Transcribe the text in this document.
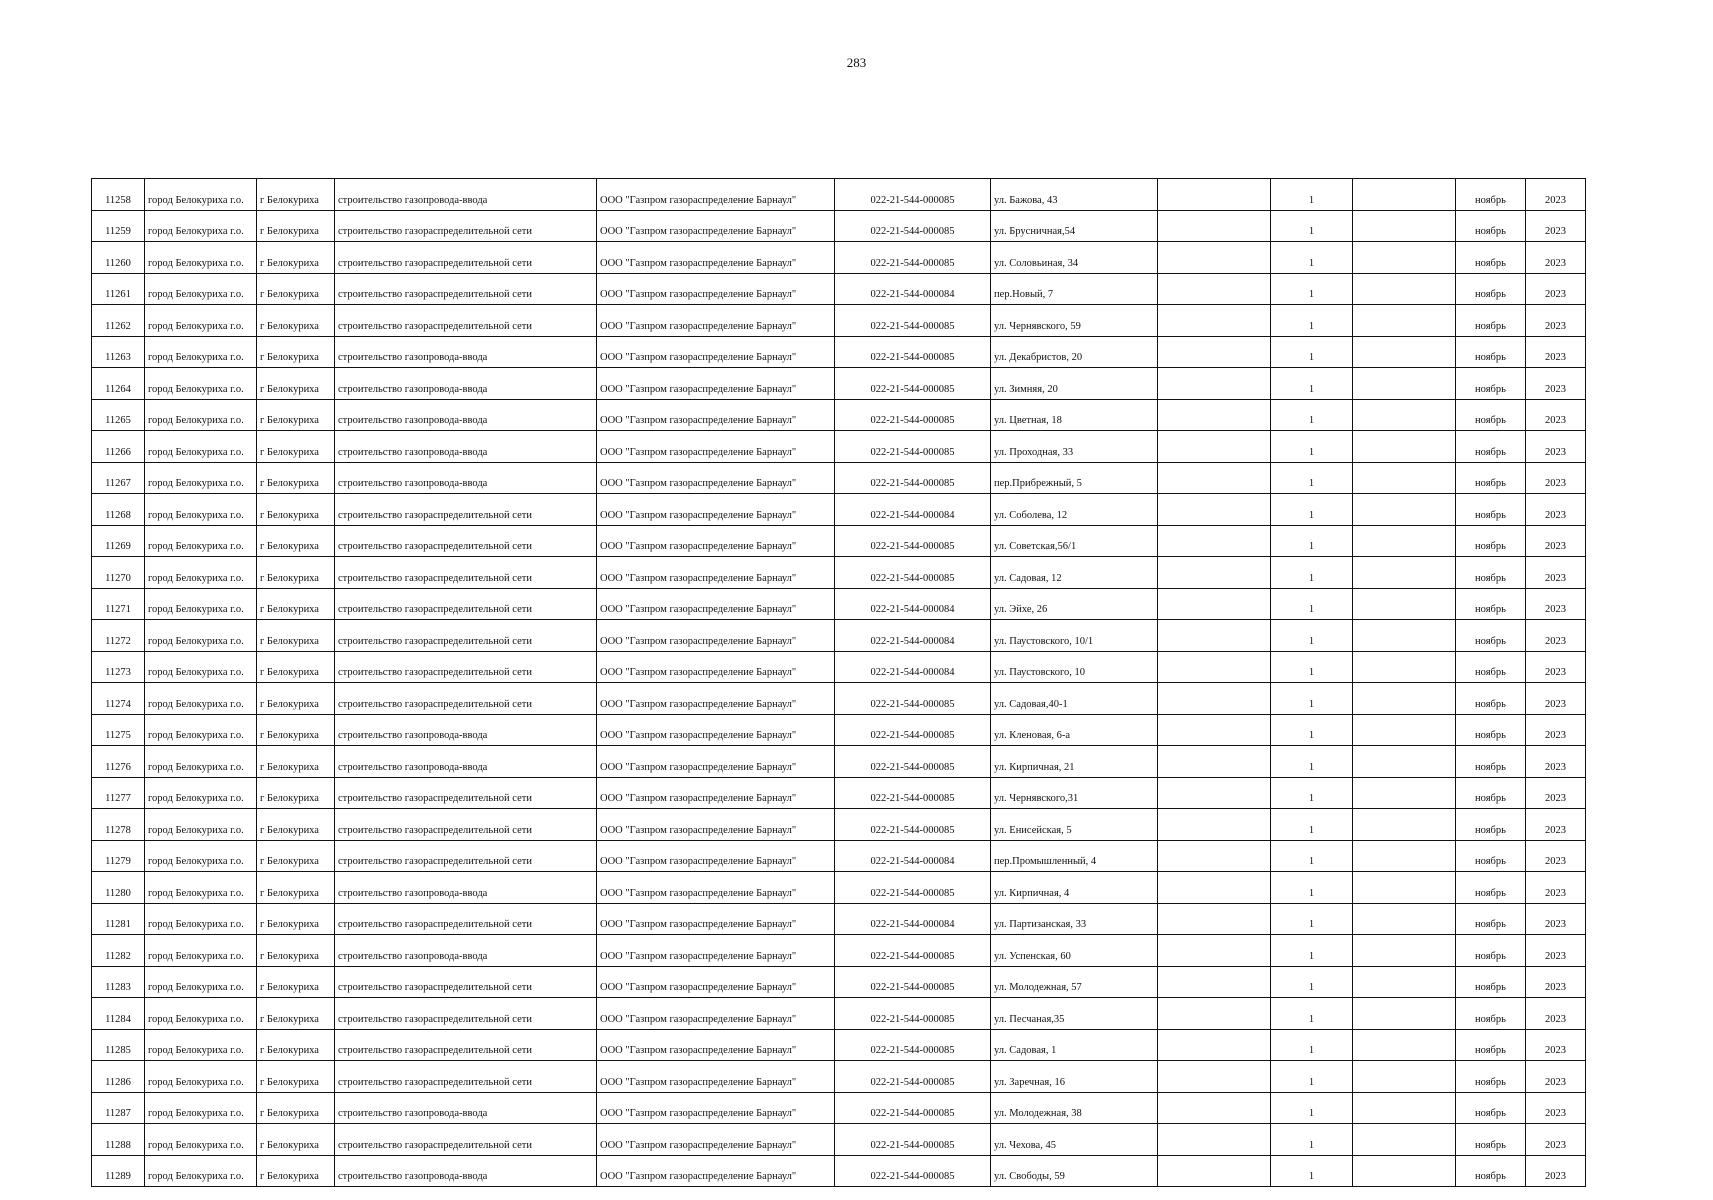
283
11258	город Белокуриха г.о.	г Белокуриха	строительство газопровода-ввода	ООО "Газпром газораспределение Барнаул"	022-21-544-000085	ул. Бажова, 43		1		ноябрь	2023
11259	город Белокуриха г.о.	г Белокуриха	строительство газораспределительной сети	ООО "Газпром газораспределение Барнаул"	022-21-544-000085	ул. Брусничная,54		1		ноябрь	2023
11260	город Белокуриха г.о.	г Белокуриха	строительство газораспределительной сети	ООО "Газпром газораспределение Барнаул"	022-21-544-000085	ул. Соловьиная, 34		1		ноябрь	2023
11261	город Белокуриха г.о.	г Белокуриха	строительство газораспределительной сети	ООО "Газпром газораспределение Барнаул"	022-21-544-000084	пер.Новый, 7		1		ноябрь	2023
11262	город Белокуриха г.о.	г Белокуриха	строительство газораспределительной сети	ООО "Газпром газораспределение Барнаул"	022-21-544-000085	ул. Чернявского, 59		1		ноябрь	2023
11263	город Белокуриха г.о.	г Белокуриха	строительство газопровода-ввода	ООО "Газпром газораспределение Барнаул"	022-21-544-000085	ул. Декабристов, 20		1		ноябрь	2023
11264	город Белокуриха г.о.	г Белокуриха	строительство газопровода-ввода	ООО "Газпром газораспределение Барнаул"	022-21-544-000085	ул. Зимняя, 20		1		ноябрь	2023
11265	город Белокуриха г.о.	г Белокуриха	строительство газопровода-ввода	ООО "Газпром газораспределение Барнаул"	022-21-544-000085	ул. Цветная, 18		1		ноябрь	2023
11266	город Белокуриха г.о.	г Белокуриха	строительство газопровода-ввода	ООО "Газпром газораспределение Барнаул"	022-21-544-000085	ул. Проходная, 33		1		ноябрь	2023
11267	город Белокуриха г.о.	г Белокуриха	строительство газопровода-ввода	ООО "Газпром газораспределение Барнаул"	022-21-544-000085	пер.Прибрежный, 5		1		ноябрь	2023
11268	город Белокуриха г.о.	г Белокуриха	строительство газораспределительной сети	ООО "Газпром газораспределение Барнаул"	022-21-544-000084	ул. Соболева, 12		1		ноябрь	2023
11269	город Белокуриха г.о.	г Белокуриха	строительство газораспределительной сети	ООО "Газпром газораспределение Барнаул"	022-21-544-000085	ул. Советская,56/1		1		ноябрь	2023
11270	город Белокуриха г.о.	г Белокуриха	строительство газораспределительной сети	ООО "Газпром газораспределение Барнаул"	022-21-544-000085	ул. Садовая, 12		1		ноябрь	2023
11271	город Белокуриха г.о.	г Белокуриха	строительство газораспределительной сети	ООО "Газпром газораспределение Барнаул"	022-21-544-000084	ул. Эйхе, 26		1		ноябрь	2023
11272	город Белокуриха г.о.	г Белокуриха	строительство газораспределительной сети	ООО "Газпром газораспределение Барнаул"	022-21-544-000084	ул. Паустовского, 10/1		1		ноябрь	2023
11273	город Белокуриха г.о.	г Белокуриха	строительство газораспределительной сети	ООО "Газпром газораспределение Барнаул"	022-21-544-000084	ул. Паустовского, 10		1		ноябрь	2023
11274	город Белокуриха г.о.	г Белокуриха	строительство газораспределительной сети	ООО "Газпром газораспределение Барнаул"	022-21-544-000085	ул. Садовая,40-1		1		ноябрь	2023
11275	город Белокуриха г.о.	г Белокуриха	строительство газопровода-ввода	ООО "Газпром газораспределение Барнаул"	022-21-544-000085	ул. Кленовая, 6-а		1		ноябрь	2023
11276	город Белокуриха г.о.	г Белокуриха	строительство газопровода-ввода	ООО "Газпром газораспределение Барнаул"	022-21-544-000085	ул. Кирпичная, 21		1		ноябрь	2023
11277	город Белокуриха г.о.	г Белокуриха	строительство газораспределительной сети	ООО "Газпром газораспределение Барнаул"	022-21-544-000085	ул. Чернявского,31		1		ноябрь	2023
11278	город Белокуриха г.о.	г Белокуриха	строительство газораспределительной сети	ООО "Газпром газораспределение Барнаул"	022-21-544-000085	ул. Енисейская, 5		1		ноябрь	2023
11279	город Белокуриха г.о.	г Белокуриха	строительство газораспределительной сети	ООО "Газпром газораспределение Барнаул"	022-21-544-000084	пер.Промышленный, 4		1		ноябрь	2023
11280	город Белокуриха г.о.	г Белокуриха	строительство газопровода-ввода	ООО "Газпром газораспределение Барнаул"	022-21-544-000085	ул. Кирпичная, 4		1		ноябрь	2023
11281	город Белокуриха г.о.	г Белокуриха	строительство газораспределительной сети	ООО "Газпром газораспределение Барнаул"	022-21-544-000084	ул. Партизанская, 33		1		ноябрь	2023
11282	город Белокуриха г.о.	г Белокуриха	строительство газопровода-ввода	ООО "Газпром газораспределение Барнаул"	022-21-544-000085	ул. Успенская, 60		1		ноябрь	2023
11283	город Белокуриха г.о.	г Белокуриха	строительство газораспределительной сети	ООО "Газпром газораспределение Барнаул"	022-21-544-000085	ул. Молодежная, 57		1		ноябрь	2023
11284	город Белокуриха г.о.	г Белокуриха	строительство газораспределительной сети	ООО "Газпром газораспределение Барнаул"	022-21-544-000085	ул. Песчаная,35		1		ноябрь	2023
11285	город Белокуриха г.о.	г Белокуриха	строительство газораспределительной сети	ООО "Газпром газораспределение Барнаул"	022-21-544-000085	ул. Садовая, 1		1		ноябрь	2023
11286	город Белокуриха г.о.	г Белокуриха	строительство газораспределительной сети	ООО "Газпром газораспределение Барнаул"	022-21-544-000085	ул. Заречная, 16		1		ноябрь	2023
11287	город Белокуриха г.о.	г Белокуриха	строительство газопровода-ввода	ООО "Газпром газораспределение Барнаул"	022-21-544-000085	ул. Молодежная, 38		1		ноябрь	2023
11288	город Белокуриха г.о.	г Белокуриха	строительство газораспределительной сети	ООО "Газпром газораспределение Барнаул"	022-21-544-000085	ул. Чехова, 45		1		ноябрь	2023
11289	город Белокуриха г.о.	г Белокуриха	строительство газопровода-ввода	ООО "Газпром газораспределение Барнаул"	022-21-544-000085	ул. Свободы, 59		1		ноябрь	2023
